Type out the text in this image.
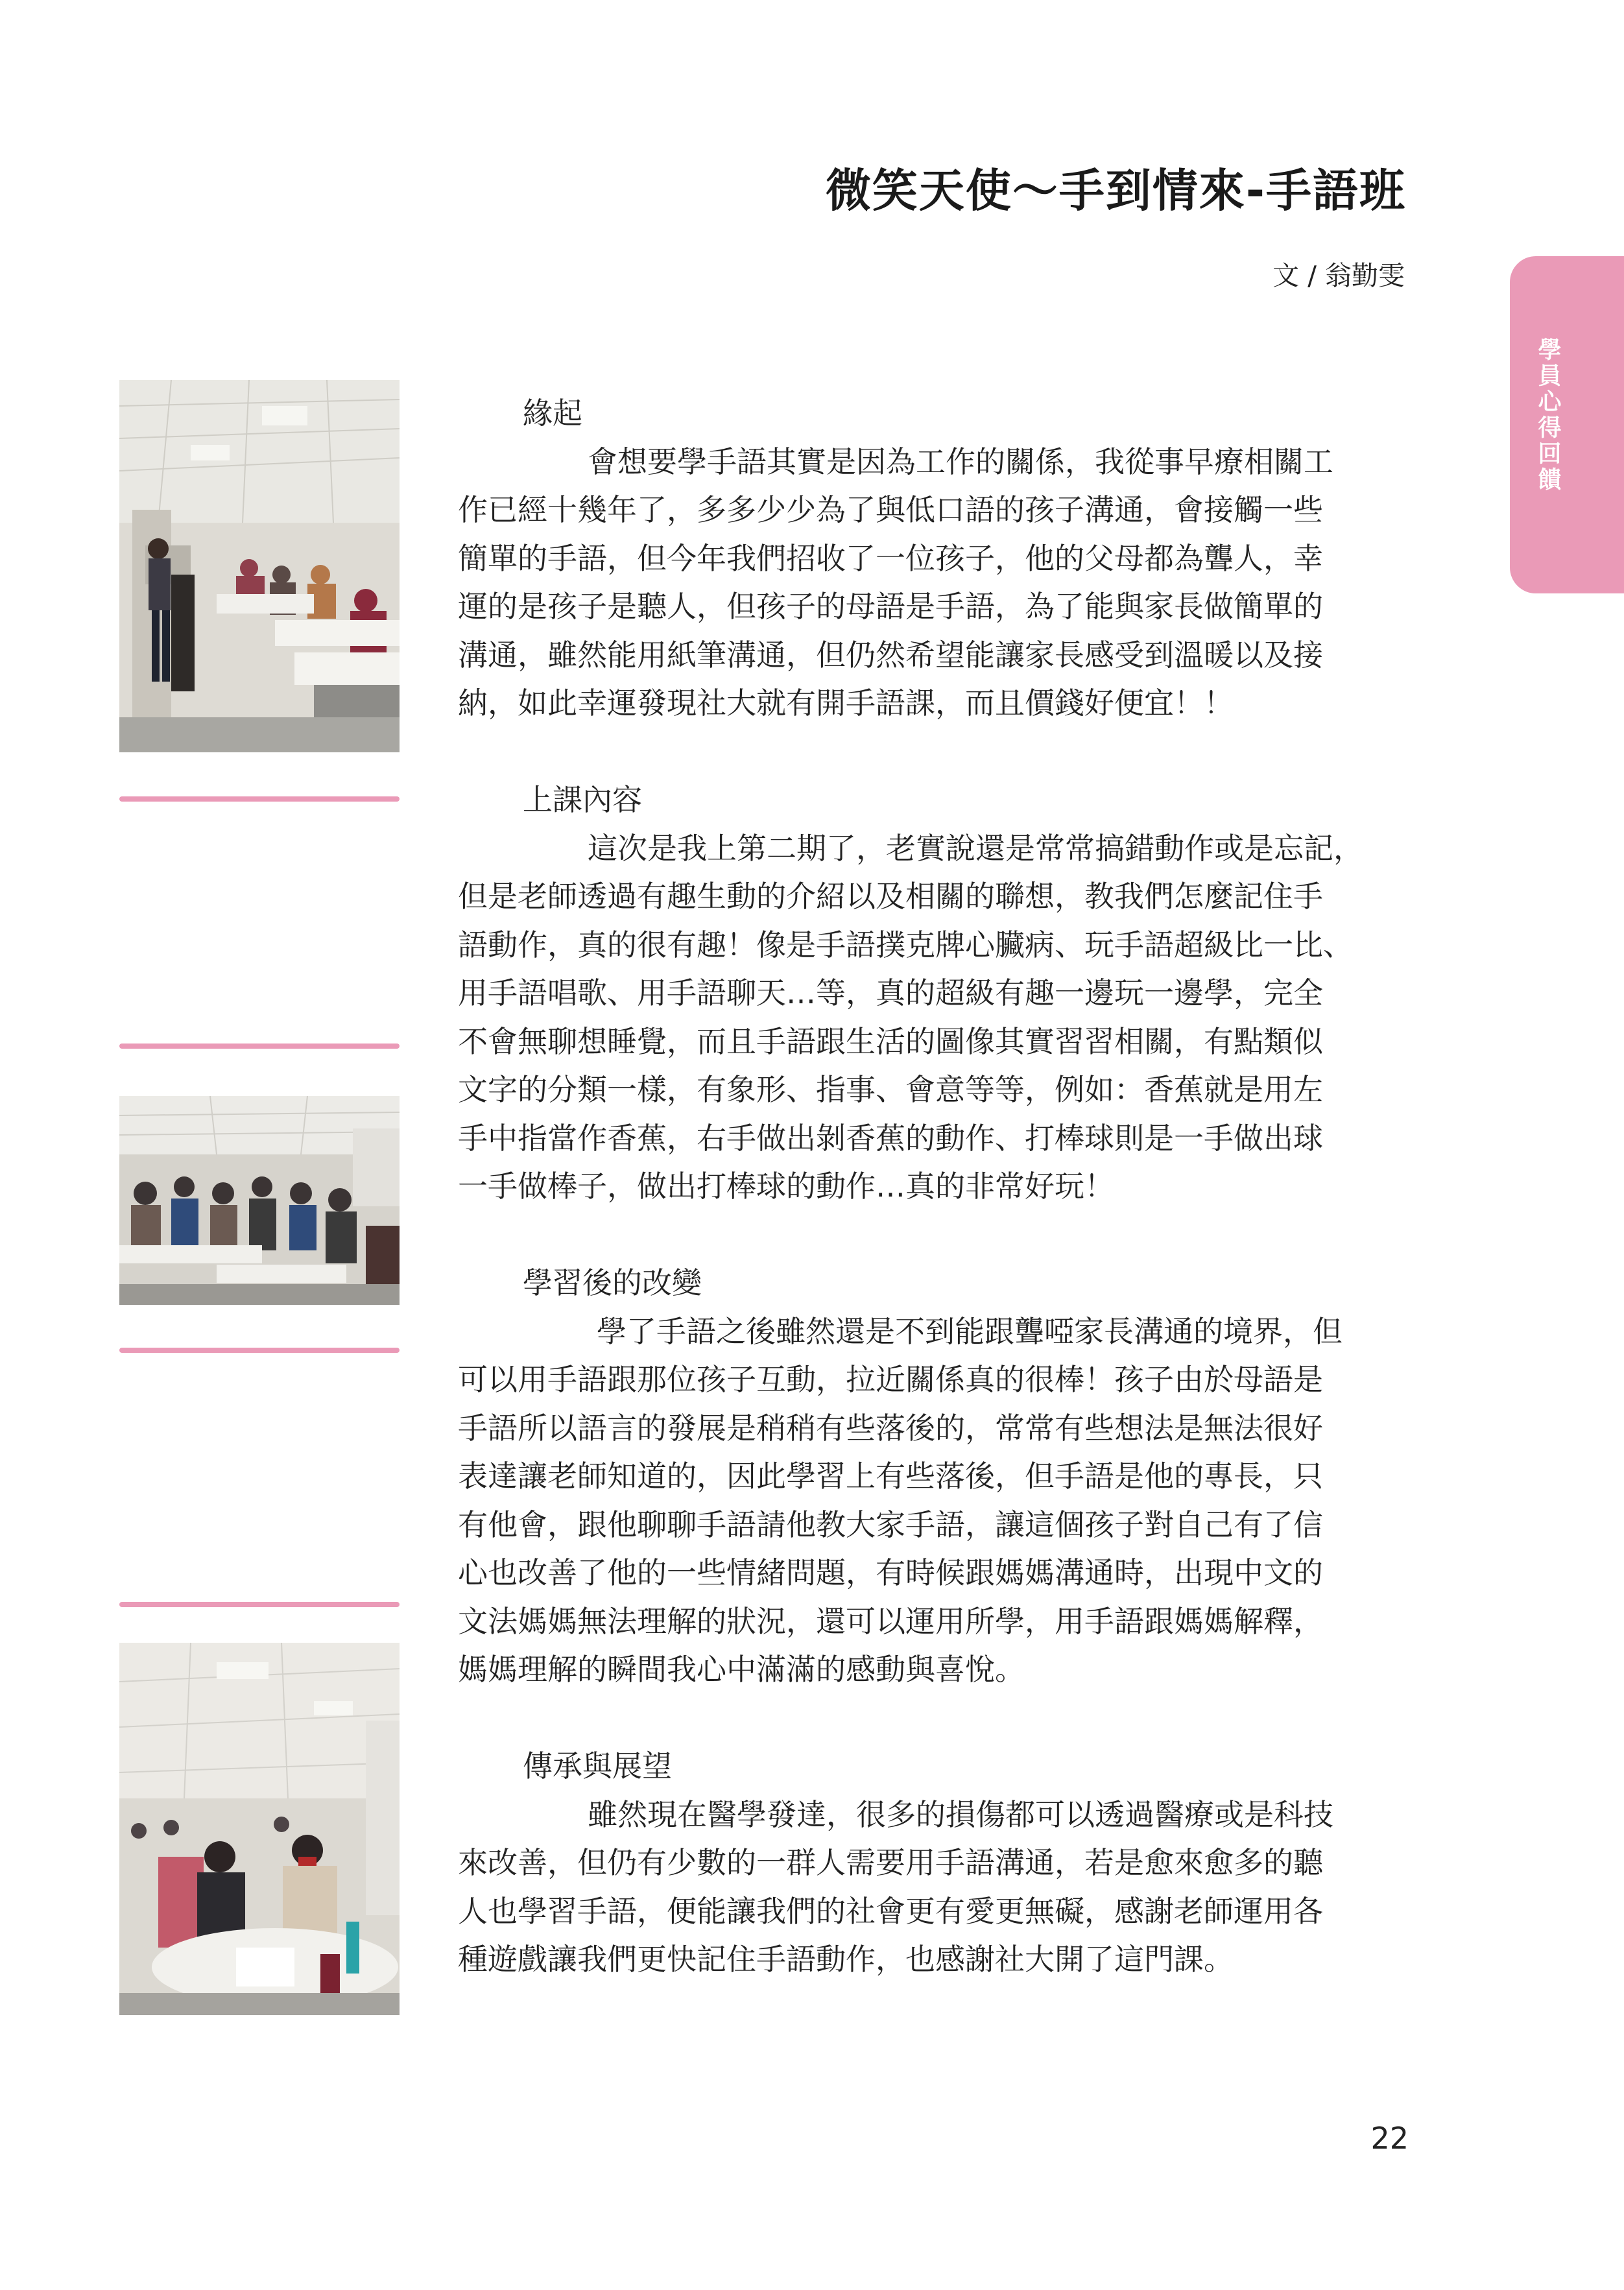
微笑天使～手到情來-手語班
文 / 翁勤雯
學員心得回饋

緣起

會想要學手語其實是因為工作的關係，我從事早療相關工

作已經十幾年了，多多少少為了與低口語的孩子溝通，會接觸一些

簡單的手語，但今年我們招收了一位孩子，他的父母都為聾人，幸

運的是孩子是聽人，但孩子的母語是手語，為了能與家長做簡單的

溝通，雖然能用紙筆溝通，但仍然希望能讓家長感受到溫暖以及接

納，如此幸運發現社大就有開手語課，而且價錢好便宜！！

上課內容

這次是我上第二期了，老實說還是常常搞錯動作或是忘記，

但是老師透過有趣生動的介紹以及相關的聯想，教我們怎麼記住手

語動作，真的很有趣！像是手語撲克牌心臟病、玩手語超級比一比、

用手語唱歌、用手語聊天…等，真的超級有趣一邊玩一邊學，完全

不會無聊想睡覺，而且手語跟生活的圖像其實習習相關，有點類似

文字的分類一樣，有象形、指事、會意等等，例如：香蕉就是用左

手中指當作香蕉，右手做出剝香蕉的動作、打棒球則是一手做出球

一手做棒子，做出打棒球的動作…真的非常好玩！

學習後的改變

學了手語之後雖然還是不到能跟聾啞家長溝通的境界，但

可以用手語跟那位孩子互動，拉近關係真的很棒！孩子由於母語是

手語所以語言的發展是稍稍有些落後的，常常有些想法是無法很好

表達讓老師知道的，因此學習上有些落後，但手語是他的專長，只

有他會，跟他聊聊手語請他教大家手語，讓這個孩子對自己有了信

心也改善了他的一些情緒問題，有時候跟媽媽溝通時，出現中文的

文法媽媽無法理解的狀況，還可以運用所學，用手語跟媽媽解釋，

媽媽理解的瞬間我心中滿滿的感動與喜悅。

傳承與展望

雖然現在醫學發達，很多的損傷都可以透過醫療或是科技

來改善，但仍有少數的一群人需要用手語溝通，若是愈來愈多的聽

人也學習手語，便能讓我們的社會更有愛更無礙，感謝老師運用各

種遊戲讓我們更快記住手語動作，也感謝社大開了這門課。

22
